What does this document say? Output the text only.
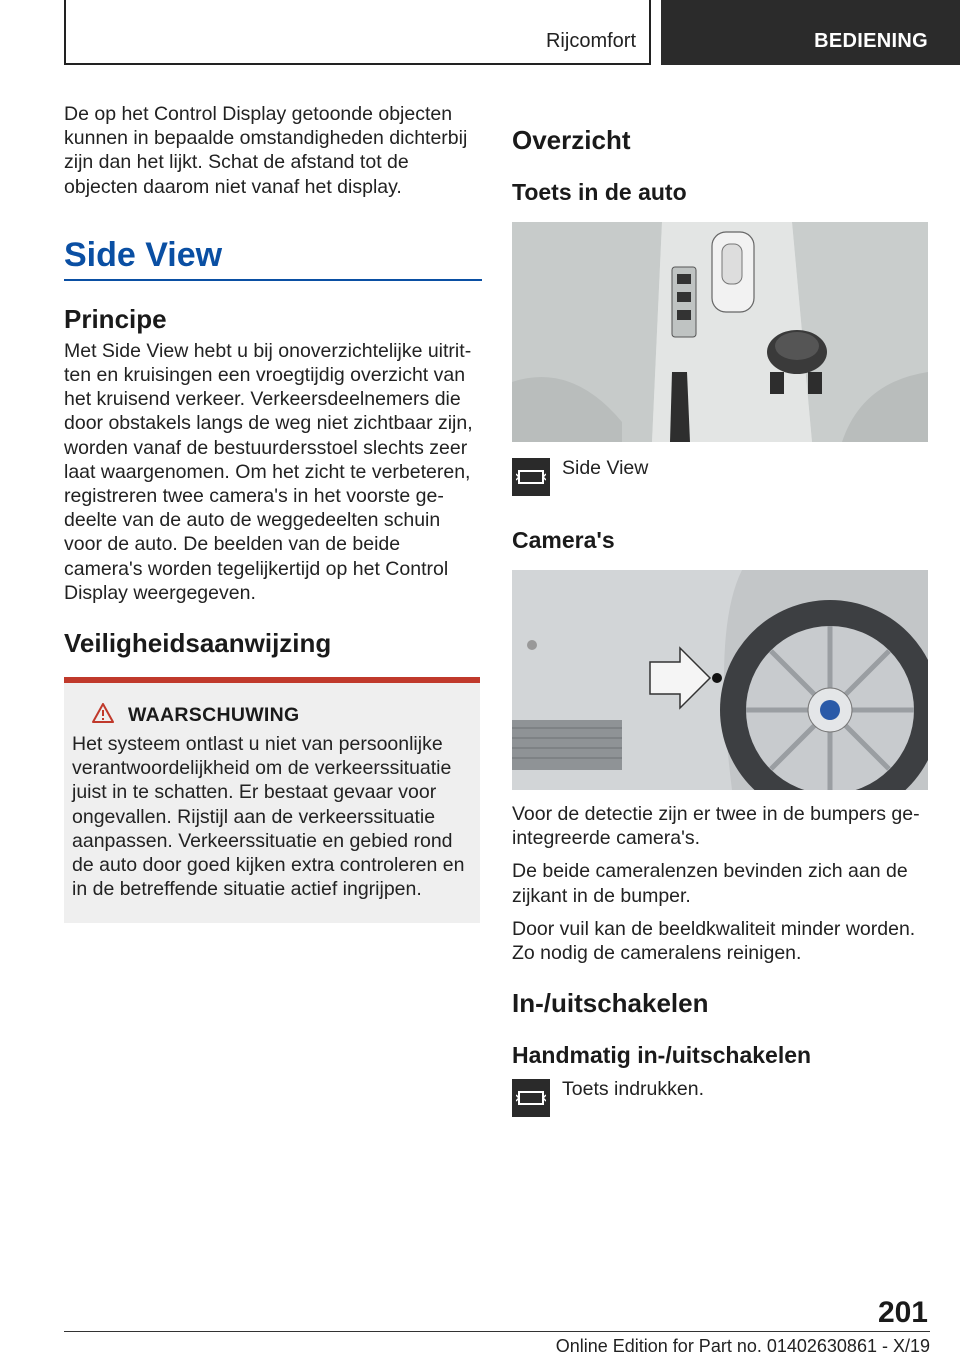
Rijcomfort	BEDIENING

De op het Control Display getoonde objecten kunnen in bepaalde omstandigheden dichterbij zijn dan het lijkt. Schat de afstand tot de objecten daarom niet vanaf het display.

Side View
Principe

Met Side View hebt u bij onoverzichtelijke uitritten en kruisingen een vroegtijdig overzicht van het kruisend verkeer. Verkeersdeelnemers die door obstakels langs de weg niet zichtbaar zijn, worden vanaf de bestuurdersstoel slechts zeer laat waargenomen. Om het zicht te verbeteren, registreren twee camera's in het voorste gedeelte van de auto de weggedeelten schuin voor de auto. De beelden van de beide camera's worden tegelijkertijd op het Control Display weergegeven.

Veiligheidsaanwijzing
WAARSCHUWING

Het systeem ontlast u niet van persoonlijke verantwoordelijkheid om de verkeerssituatie juist in te schatten. Er bestaat gevaar voor ongevallen. Rijstijl aan de verkeerssituatie aanpassen. Verkeerssituatie en gebied rond de auto door goed kijken extra controleren en in de betreffende situatie actief ingrijpen.

Overzicht
Toets in de auto
Side View
Camera's

Voor de detectie zijn er twee in de bumpers geintegreerde camera's.

De beide cameralenzen bevinden zich aan de zijkant in de bumper.

Door vuil kan de beeldkwaliteit minder worden. Zo nodig de cameralens reinigen.

In-/uitschakelen
Handmatig in-/uitschakelen
Toets indrukken.
201
Online Edition for Part no. 01402630861 - X/19
